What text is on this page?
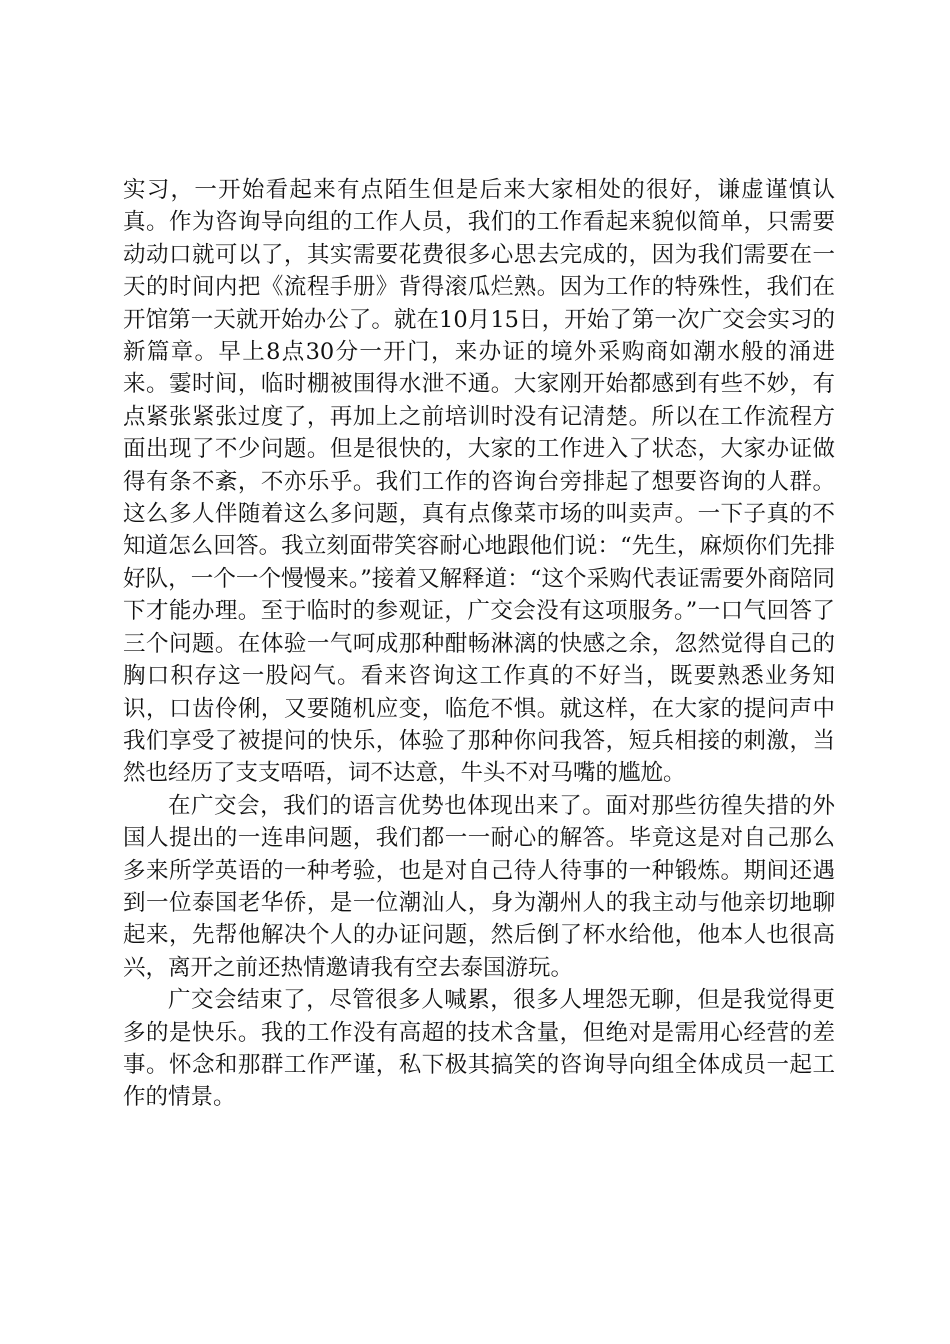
实习，一开始看起来有点陌生但是后来大家相处的很好，谦虚谨慎认真。作为咨询导向组的工作人员，我们的工作看起来貌似简单，只需要动动口就可以了，其实需要花费很多心思去完成的，因为我们需要在一天的时间内把《流程手册》背得滚瓜烂熟。因为工作的特殊性，我们在开馆第一天就开始办公了。就在10月15日，开始了第一次广交会实习的新篇章。早上8点30分一开门，来办证的境外采购商如潮水般的涌进来。霎时间，临时棚被围得水泄不通。大家刚开始都感到有些不妙，有点紧张紧张过度了，再加上之前培训时没有记清楚。所以在工作流程方面出现了不少问题。但是很快的，大家的工作进入了状态，大家办证做得有条不紊，不亦乐乎。我们工作的咨询台旁排起了想要咨询的人群。这么多人伴随着这么多问题，真有点像菜市场的叫卖声。一下子真的不知道怎么回答。我立刻面带笑容耐心地跟他们说：“先生，麻烦你们先排好队，一个一个慢慢来。”接着又解释道：“这个采购代表证需要外商陪同下才能办理。至于临时的参观证，广交会没有这项服务。”一口气回答了三个问题。在体验一气呵成那种酣畅淋漓的快感之余，忽然觉得自己的胸口积存这一股闷气。看来咨询这工作真的不好当，既要熟悉业务知识，口齿伶俐，又要随机应变，临危不惧。就这样，在大家的提问声中我们享受了被提问的快乐，体验了那种你问我答，短兵相接的刺激，当然也经历了支支唔唔，词不达意，牛头不对马嘴的尴尬。

在广交会，我们的语言优势也体现出来了。面对那些彷徨失措的外国人提出的一连串问题，我们都一一耐心的解答。毕竟这是对自己那么多来所学英语的一种考验，也是对自己待人待事的一种锻炼。期间还遇到一位泰国老华侨，是一位潮汕人，身为潮州人的我主动与他亲切地聊起来，先帮他解决个人的办证问题，然后倒了杯水给他，他本人也很高兴，离开之前还热情邀请我有空去泰国游玩。

广交会结束了，尽管很多人喊累，很多人埋怨无聊，但是我觉得更多的是快乐。我的工作没有高超的技术含量，但绝对是需用心经营的差事。怀念和那群工作严谨，私下极其搞笑的咨询导向组全体成员一起工作的情景。
